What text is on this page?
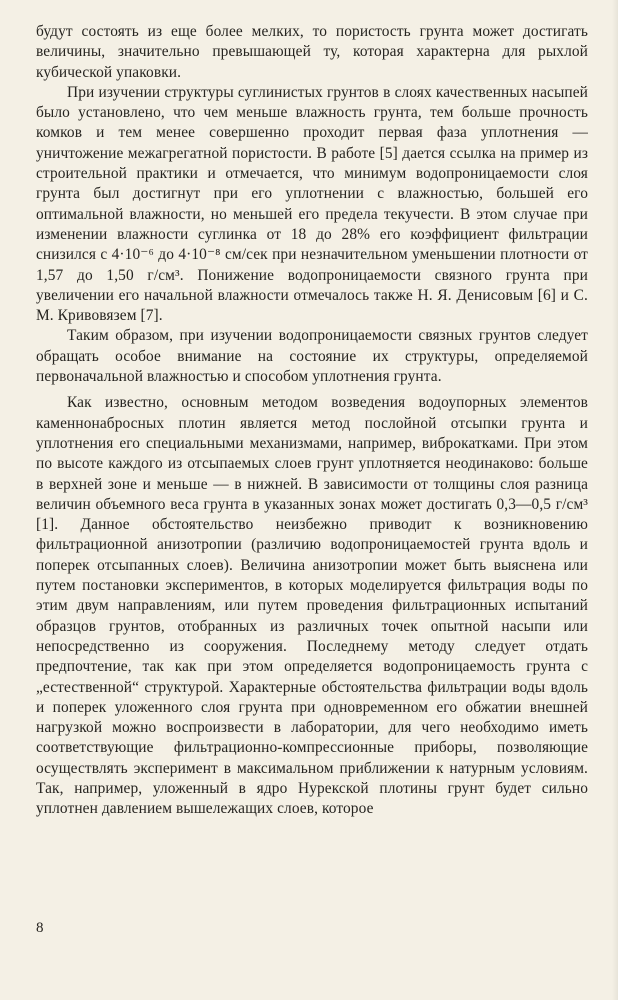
будут состоять из еще более мелких, то пористость грунта может достигать величины, значительно превышающей ту, которая характерна для рыхлой кубической упаковки.

При изучении структуры суглинистых грунтов в слоях качественных насыпей было установлено, что чем меньше влажность грунта, тем больше прочность комков и тем менее совершенно проходит первая фаза уплотнения — уничтожение межагрегатной пористости. В работе [5] дается ссылка на пример из строительной практики и отмечается, что минимум водопроницаемости слоя грунта был достигнут при его уплотнении с влажностью, большей его оптимальной влажности, но меньшей его предела текучести. В этом случае при изменении влажности суглинка от 18 до 28% его коэффициент фильтрации снизился с 4·10⁻⁶ до 4·10⁻⁸ см/сек при незначительном уменьшении плотности от 1,57 до 1,50 г/см³. Понижение водопроницаемости связного грунта при увеличении его начальной влажности отмечалось также Н. Я. Денисовым [6] и С. М. Кривовязем [7].

Таким образом, при изучении водопроницаемости связных грунтов следует обращать особое внимание на состояние их структуры, определяемой первоначальной влажностью и способом уплотнения грунта.

Как известно, основным методом возведения водоупорных элементов каменнонабросных плотин является метод послойной отсыпки грунта и уплотнения его специальными механизмами, например, виброкатками. При этом по высоте каждого из отсыпаемых слоев грунт уплотняется неодинаково: больше в верхней зоне и меньше — в нижней. В зависимости от толщины слоя разница величин объемного веса грунта в указанных зонах может достигать 0,3—0,5 г/см³ [1]. Данное обстоятельство неизбежно приводит к возникновению фильтрационной анизотропии (различию водопроницаемостей грунта вдоль и поперек отсыпанных слоев). Величина анизотропии может быть выяснена или путем постановки экспериментов, в которых моделируется фильтрация воды по этим двум направлениям, или путем проведения фильтрационных испытаний образцов грунтов, отобранных из различных точек опытной насыпи или непосредственно из сооружения. Последнему методу следует отдать предпочтение, так как при этом определяется водопроницаемость грунта с „естественной“ структурой. Характерные обстоятельства фильтрации воды вдоль и поперек уложенного слоя грунта при одновременном его обжатии внешней нагрузкой можно воспроизвести в лаборатории, для чего необходимо иметь соответствующие фильтрационно-компрессионные приборы, позволяющие осуществлять эксперимент в максимальном приближении к натурным условиям. Так, например, уложенный в ядро Нурекской плотины грунт будет сильно уплотнен давлением вышележащих слоев, которое

8
